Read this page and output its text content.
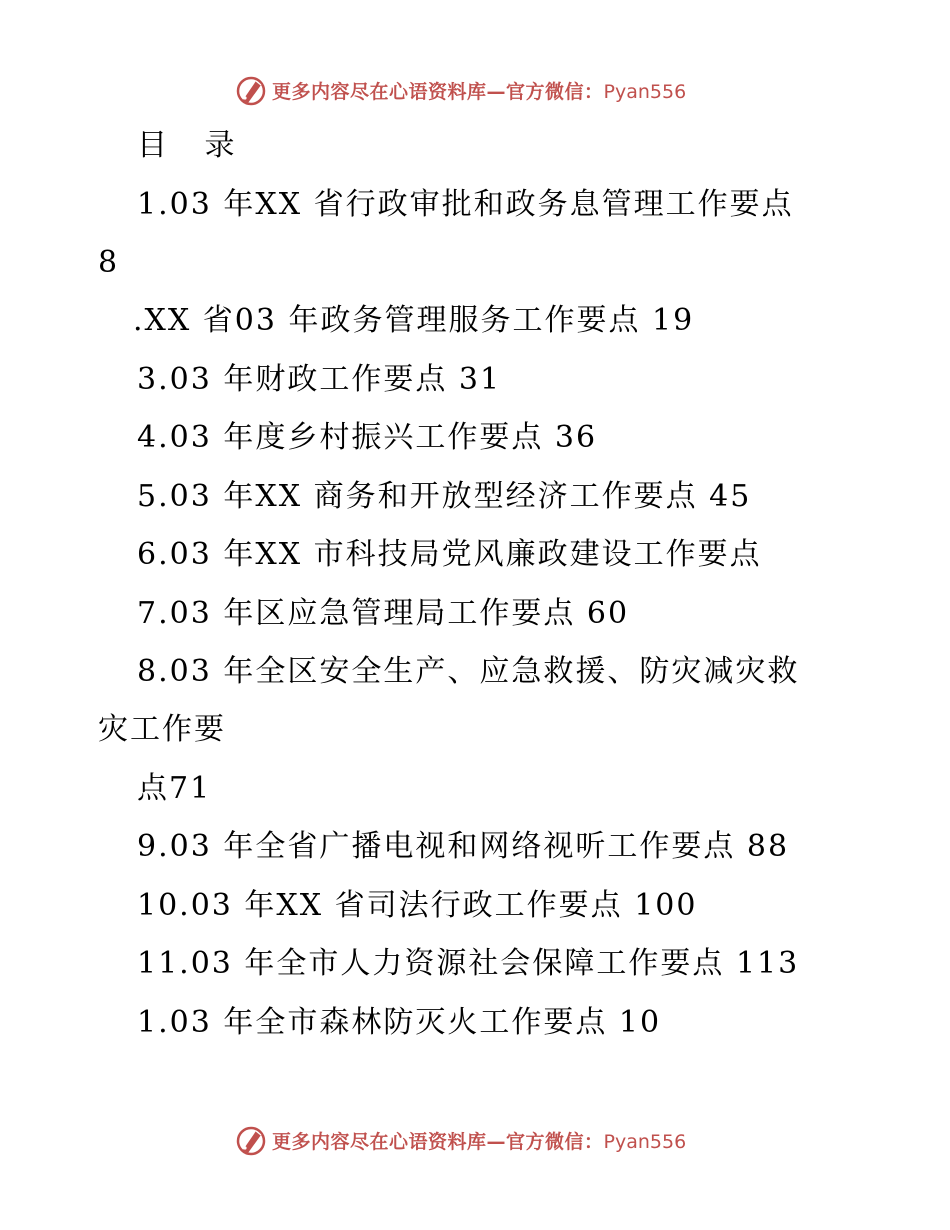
更多内容尽在心语资料库—官方微信：Pyan556
目 录
1.03 年XX 省行政审批和政务息管理工作要点
8
.XX 省03 年政务管理服务工作要点 19
3.03 年财政工作要点 31
4.03 年度乡村振兴工作要点 36
5.03 年XX 商务和开放型经济工作要点 45
6.03 年XX 市科技局党风廉政建设工作要点
7.03 年区应急管理局工作要点 60
8.03 年全区安全生产、应急救援、防灾减灾救
灾工作要
点71
9.03 年全省广播电视和网络视听工作要点 88
10.03 年XX 省司法行政工作要点 100
11.03 年全市人力资源社会保障工作要点 113
1.03 年全市森林防灭火工作要点 10
更多内容尽在心语资料库—官方微信：Pyan556
